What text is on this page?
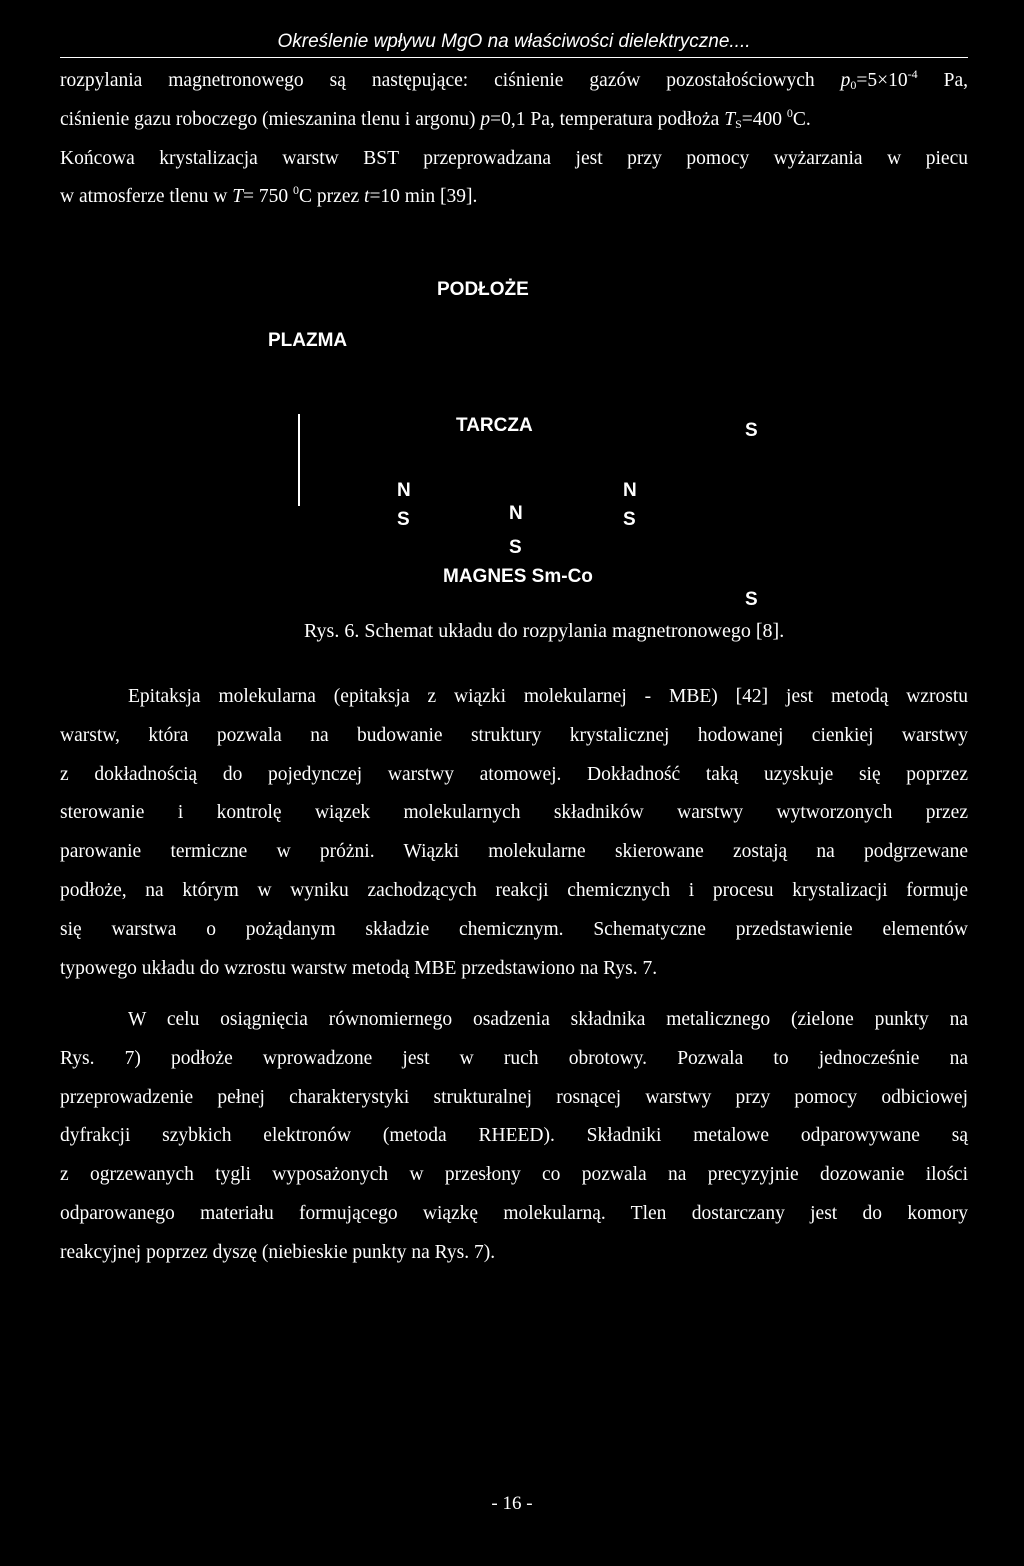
Określenie wpływu MgO na właściwości dielektryczne....
rozpylania magnetronowego są następujące: ciśnienie gazów pozostałościowych $p_0=5\times 10^{-4}$ Pa,
ciśnienie gazu roboczego (mieszanina tlenu i argonu) p=0,1 Pa, temperatura podłoża $T_S=400$ $^0$C.
Końcowa krystalizacja warstw BST przeprowadzana jest przy pomocy wyżarzania w piecu
w atmosferze tlenu w T= 750 $^0$C przez t=10 min [39].
PODŁOŻE
PLAZMA
TARCZA	S
N
S
N
S
N
S
MAGNES Sm-Co
S
Rys. 6. Schemat układu do rozpylania magnetronowego [8].
Epitaksja molekularna (epitaksja z wiązki molekularnej - MBE) [42] jest metodą wzrostu
warstw, która pozwala na budowanie struktury krystalicznej hodowanej cienkiej warstwy
z dokładnością do pojedynczej warstwy atomowej. Dokładność taką uzyskuje się poprzez
sterowanie i kontrolę wiązek molekularnych składników warstwy wytworzonych przez
parowanie termiczne w próżni. Wiązki molekularne skierowane zostają na podgrzewane
podłoże, na którym w wyniku zachodzących reakcji chemicznych i procesu krystalizacji formuje
się warstwa o pożądanym składzie chemicznym. Schematyczne przedstawienie elementów
typowego układu do wzrostu warstw metodą MBE przedstawiono na Rys. 7.
W celu osiągnięcia równomiernego osadzenia składnika metalicznego (zielone punkty na
Rys. 7) podłoże wprowadzone jest w ruch obrotowy. Pozwala to jednocześnie na
przeprowadzenie pełnej charakterystyki strukturalnej rosnącej warstwy przy pomocy odbiciowej
dyfrakcji szybkich elektronów (metoda RHEED). Składniki metalowe odparowywane są
z ogrzewanych tygli wyposażonych w przesłony co pozwala na precyzyjnie dozowanie ilości
odparowanego materiału formującego wiązkę molekularną. Tlen dostarczany jest do komory
reakcyjnej poprzez dyszę (niebieskie punkty na Rys. 7).
- 16 -
